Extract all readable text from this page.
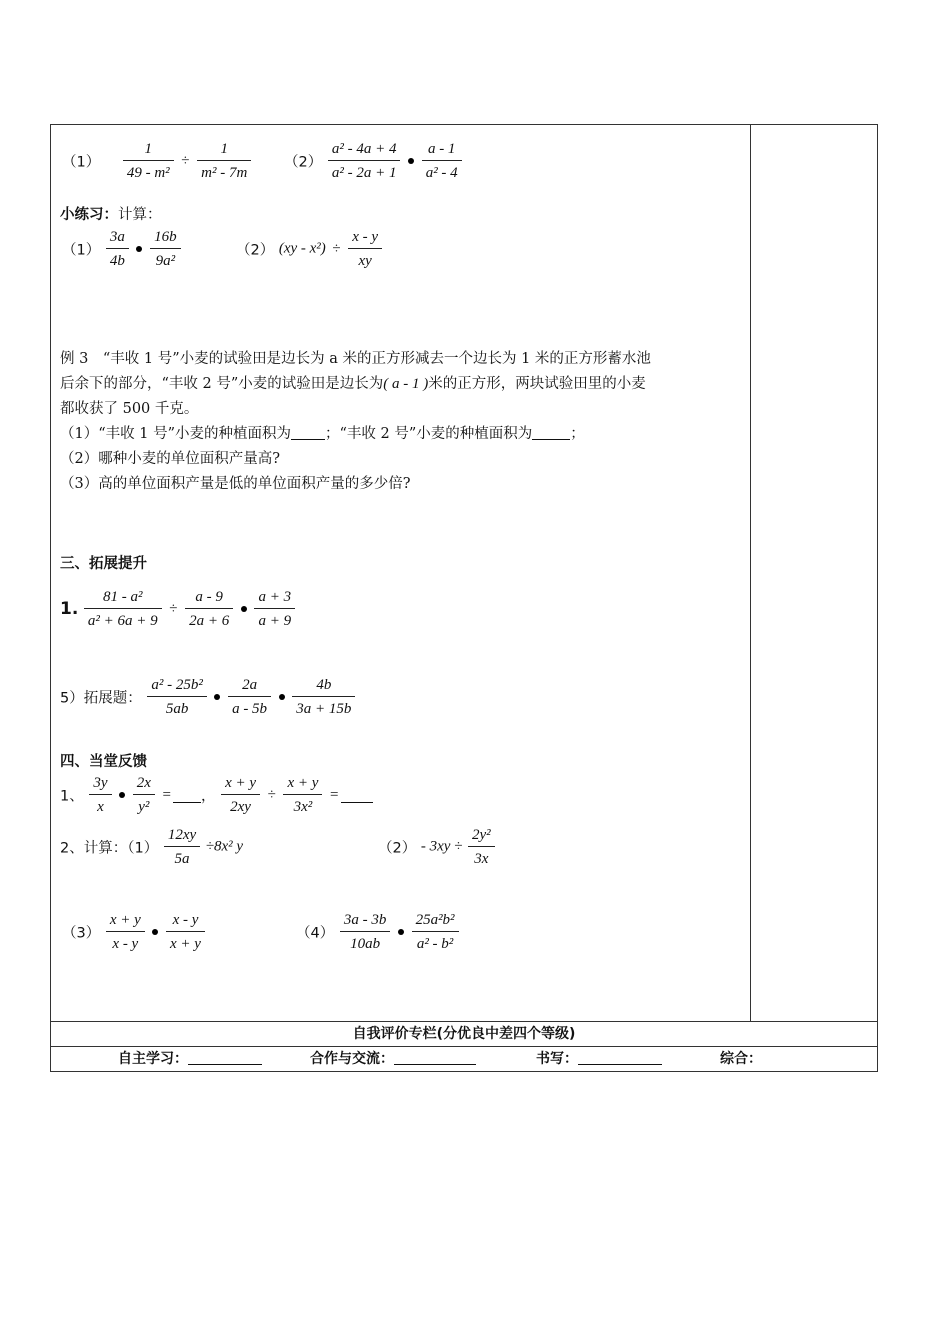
$(1) \frac{1}{\text{49 - m²}} \div \frac{1}{\text{m² - 7m}} (2) \frac{\text{a² - 4a + 4}}{\text{a² - 2a + 1}}$
$\frac{a - 1}{\text{a² - 4}}$
小练习：计算：
$(1) \frac{3a}{4b}$
$\frac{16b}{\text{9a²}}$	（2） $(xy - x^2) \div \frac{x - y}{xy}$
例 3　“丰收 1 号”小麦的试验田是边长为 a 米的正方形减去一个边长为 1 米的正方形蓄水池
后余下的部分，“丰收 2 号”小麦的试验田是边长为( a - 1 )米的正方形，两块试验田里的小麦
都收获了 500 千克。
（1）“丰收 1 号”小麦的种植面积为 ；“丰收 2 号”小麦的种植面积为	；
（2）哪种小麦的单位面积产量高?
（3）高的单位面积产量是低的单位面积产量的多少倍?
三、拓展提升
1. $\frac{\text{81 - a²}}{\text{a² + 6a + 9}} \div \frac{a - 9}{2a + 6}$
$\frac{a + 3}{a + 9}$
5）拓展题： $\frac{\text{a² - 25b²}}{5ab}$
$\frac{2a}{a - 5b}$
$\frac{4b}{3a + 15b}$
四、当堂反馈
1、 $\frac{3y}{x}$
$\frac{2x}{\text{y²}}$ = ， $\frac{x + y}{2xy} \div \frac{x + y}{\text{3x²}}$ =
2、计算：$(1) \frac{12xy}{5a} \div 8x^2$ y	$(2) - 3xy \div \frac{\text{2y²}}{3x}$
$(3) \frac{x + y}{x - y}$
$\frac{x - y}{x + y}$	$(4) \frac{3a - 3b}{10ab}$
$\frac{\text{25a²b²}}{\text{a² - b²}}$
自我评价专栏(分优良中差四个等级)
自主学习：	合作与交流：	书写：	综合：
